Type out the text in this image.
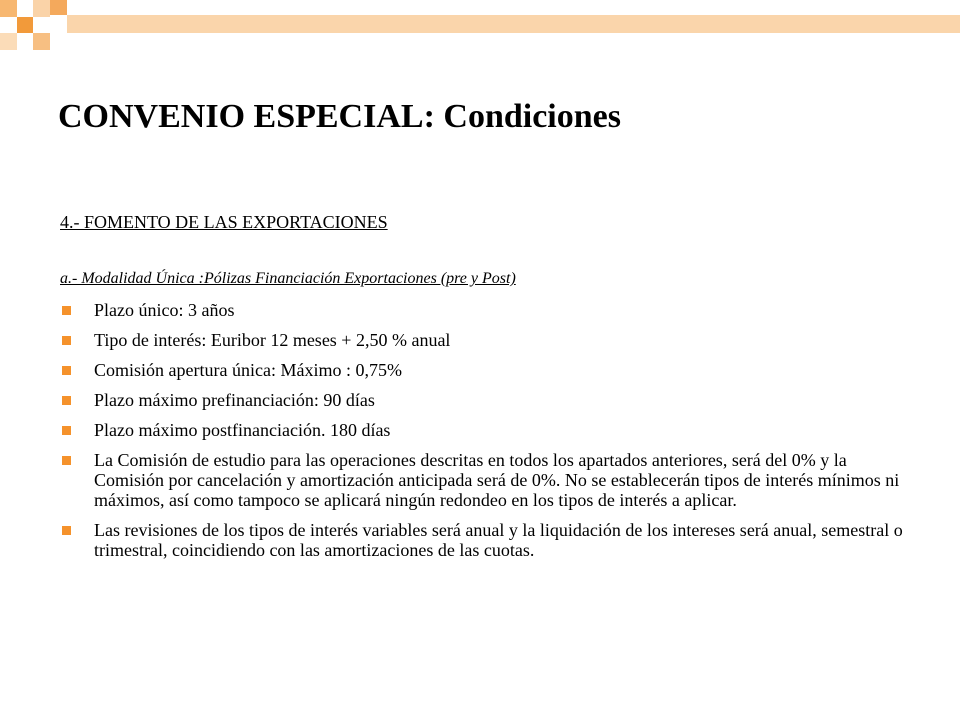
CONVENIO ESPECIAL: Condiciones
4.- FOMENTO DE LAS EXPORTACIONES
a.- Modalidad Única :Pólizas Financiación Exportaciones (pre y Post)
Plazo único: 3 años
Tipo de interés: Euribor 12 meses + 2,50 % anual
Comisión apertura única: Máximo : 0,75%
Plazo máximo prefinanciación: 90 días
Plazo máximo postfinanciación. 180 días
La Comisión de estudio para las operaciones descritas en todos los apartados anteriores, será del 0% y la Comisión por cancelación y amortización anticipada será de 0%. No se establecerán tipos de interés mínimos ni máximos, así como tampoco se aplicará ningún redondeo en los tipos de interés a aplicar.
Las revisiones de los tipos de interés variables será anual y la liquidación de los intereses será anual, semestral o trimestral, coincidiendo con las amortizaciones de las cuotas.
